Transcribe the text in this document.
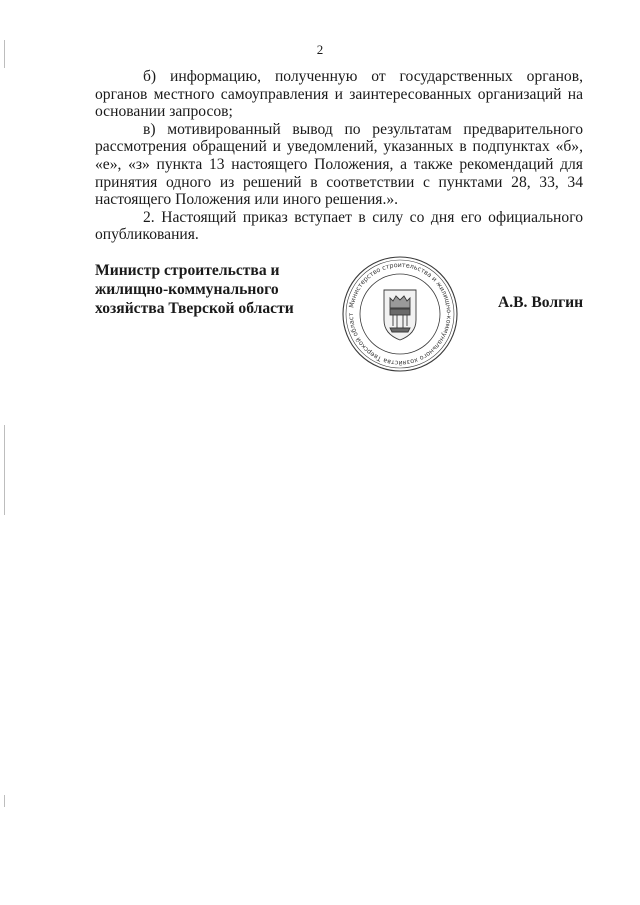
2

б) информацию, полученную от государственных органов, органов местного самоуправления и заинтересованных организаций на основании запросов;

в) мотивированный вывод по результатам предварительного рассмотрения обращений и уведомлений, указанных в подпунктах «б», «е», «з» пункта 13 настоящего Положения, а также рекомендаций для принятия одного из решений в соответствии с пунктами 28, 33, 34 настоящего Положения или иного решения.».

2. Настоящий приказ вступает в силу со дня его официального опубликования.

Министр строительства и
жилищно-коммунального
хозяйства Тверской области	Министерство строительства и жилищно-коммунального хозяйства Тверской област
А.В. Волгин
